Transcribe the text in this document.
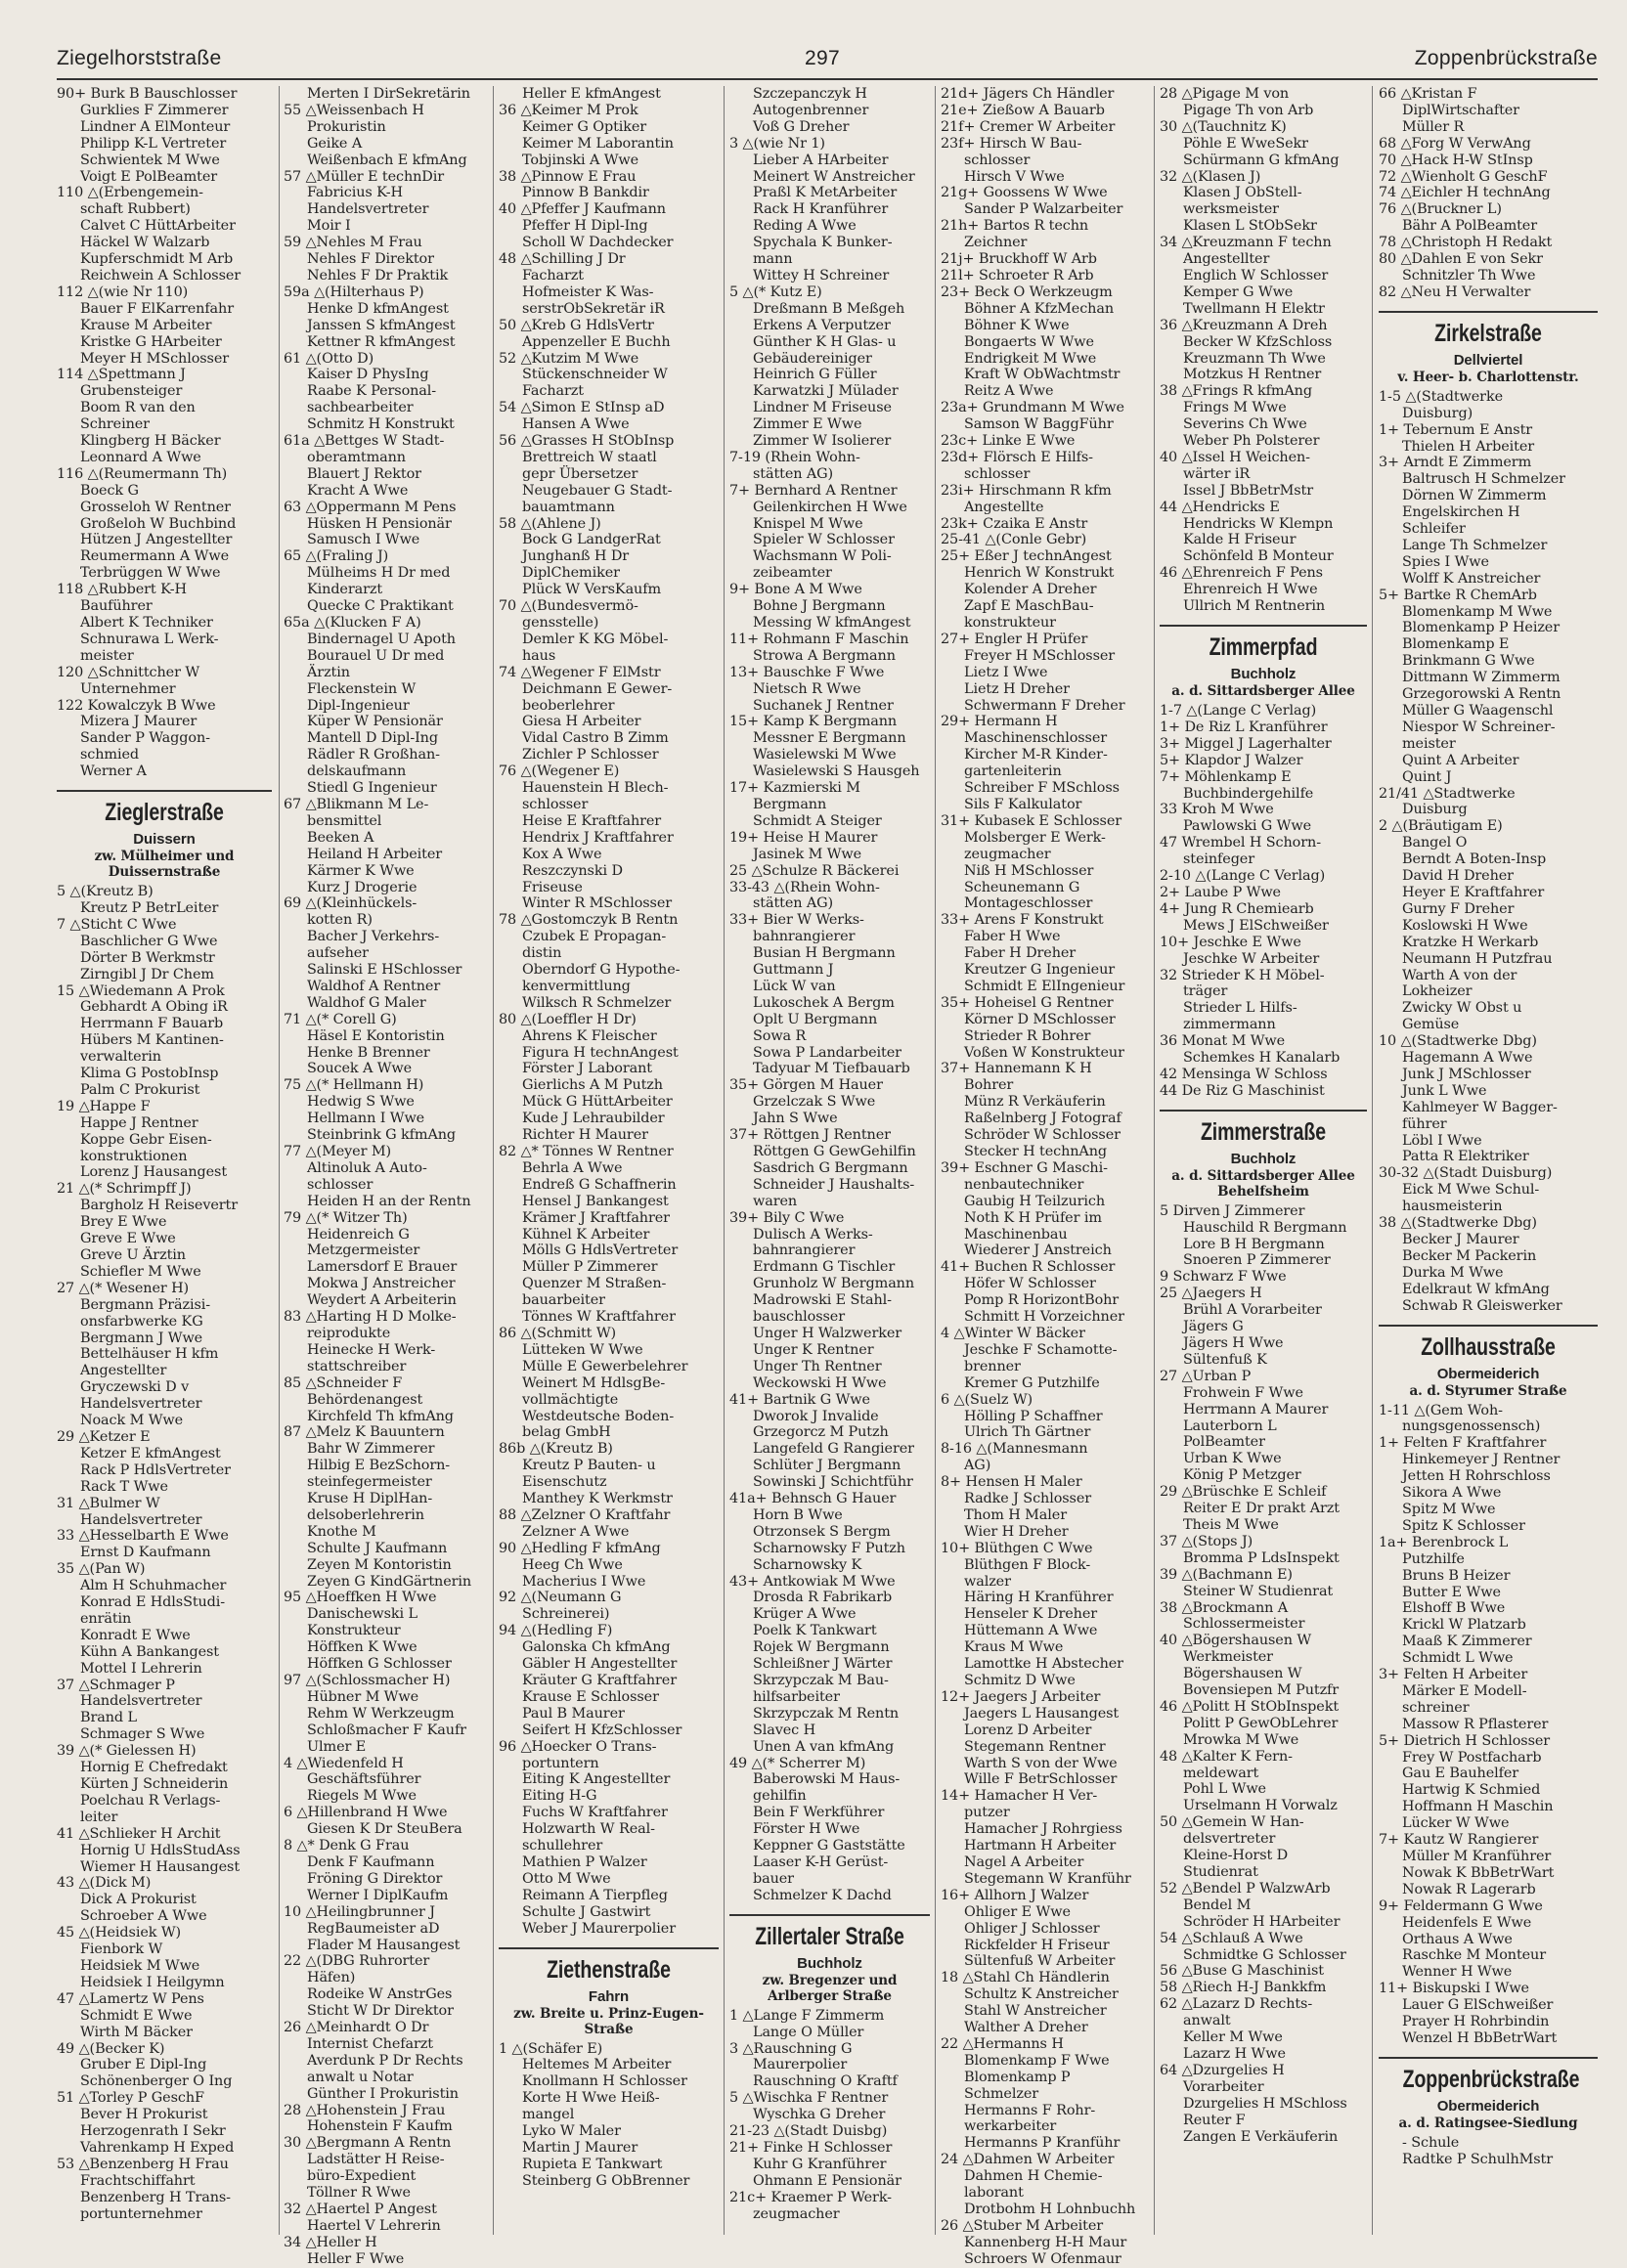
Ziegelhorststraße	297	Zoppenbrückstraße
90+ Burk B Bauschlosser
Gurklies F Zimmerer
Lindner A ElMonteur
Philipp K-L Vertreter
Schwientek M Wwe
Voigt E PolBeamter
110 △(Erbengemein-
schaft Rubbert)
Calvet C HüttArbeiter
Häckel W Walzarb
Kupferschmidt M Arb
Reichwein A Schlosser
112 △(wie Nr 110)
Bauer F ElKarrenfahr
Krause M Arbeiter
Kristke G HArbeiter
Meyer H MSchlosser
114 △Spettmann J
Grubensteiger
Boom R van den
Schreiner
Klingberg H Bäcker
Leonnard A Wwe
116 △(Reumermann Th)
Boeck G
Grosseloh W Rentner
Großeloh W Buchbind
Hützen J Angestellter
Reumermann A Wwe
Terbrüggen W Wwe
118 △Rubbert K-H
Bauführer
Albert K Techniker
Schnurawa L Werk-
meister
120 △Schnittcher W
Unternehmer
122 Kowalczyk B Wwe
Mizera J Maurer
Sander P Waggon-
schmied
Werner A
Zieglerstraße
Duissern
zw. Mülheimer und Duissernstraße
5 △(Kreutz B)
Kreutz P BetrLeiter
7 △Sticht C Wwe
Baschlicher G Wwe
Dörter B Werkmstr
Zirngibl J Dr Chem
15 △Wiedemann A Prok
Gebhardt A Obing iR
Herrmann F Bauarb
Hübers M Kantinen-
verwalterin
Klima G PostobInsp
Palm C Prokurist
19 △Happe F
Happe J Rentner
Koppe Gebr Eisen-
konstruktionen
Lorenz J Hausangest
21 △(* Schrimpff J)
Bargholz H Reisevertr
Brey E Wwe
Greve E Wwe
Greve U Ärztin
Schiefler M Wwe
27 △(* Wesener H)
Bergmann Präzisi-
onsfarbwerke KG
Bergmann J Wwe
Bettelhäuser H kfm
Angestellter
Gryczewski D v
Handelsvertreter
Noack M Wwe
29 △Ketzer E
Ketzer E kfmAngest
Rack P HdlsVertreter
Rack T Wwe
31 △Bulmer W
Handelsvertreter
33 △Hesselbarth E Wwe
Ernst D Kaufmann
35 △(Pan W)
Alm H Schuhmacher
Konrad E HdlsStudi-
enrätin
Konradt E Wwe
Kühn A Bankangest
Mottel I Lehrerin
37 △Schmager P
Handelsvertreter
Brand L
Schmager S Wwe
39 △(* Gielessen H)
Hornig E Chefredakt
Kürten J Schneiderin
Poelchau R Verlags-
leiter
41 △Schlieker H Archit
Hornig U HdlsStudAss
Wiemer H Hausangest
43 △(Dick M)
Dick A Prokurist
Schroeber A Wwe
45 △(Heidsiek W)
Fienbork W
Heidsiek M Wwe
Heidsiek I Heilgymn
47 △Lamertz W Pens
Schmidt E Wwe
Wirth M Bäcker
49 △(Becker K)
Gruber E Dipl-Ing
Schönenberger O Ing
51 △Torley P GeschF
Bever H Prokurist
Herzogenrath I Sekr
Vahrenkamp H Exped
53 △Benzenberg H Frau
Frachtschiffahrt
Benzenberg H Trans-
portunternehmer
Merten I DirSekretärin
55 △Weissenbach H
Prokuristin
Geike A
Weißenbach E kfmAng
57 △Müller E technDir
Fabricius K-H
Handelsvertreter
Moir I
59 △Nehles M Frau
Nehles F Direktor
Nehles F Dr Praktik
59a △(Hilterhaus P)
Henke D kfmAngest
Janssen S kfmAngest
Kettner R kfmAngest
61 △(Otto D)
Kaiser D PhysIng
Raabe K Personal-
sachbearbeiter
Schmitz H Konstrukt
61a △Bettges W Stadt-
oberamtmann
Blauert J Rektor
Kracht A Wwe
63 △Oppermann M Pens
Hüsken H Pensionär
Samusch I Wwe
65 △(Fraling J)
Mülheims H Dr med
Kinderarzt
Quecke C Praktikant
65a △(Klucken F A)
Bindernagel U Apoth
Bourauel U Dr med
Ärztin
Fleckenstein W
Dipl-Ingenieur
Küper W Pensionär
Mantell D Dipl-Ing
Rädler R Großhan-
delskaufmann
Stiedl G Ingenieur
67 △Blikmann M Le-
bensmittel
Beeken A
Heiland H Arbeiter
Kärmer K Wwe
Kurz J Drogerie
69 △(Kleinhückels-
kotten R)
Bacher J Verkehrs-
aufseher
Salinski E HSchlosser
Waldhof A Rentner
Waldhof G Maler
71 △(* Corell G)
Häsel E Kontoristin
Henke B Brenner
Soucek A Wwe
75 △(* Hellmann H)
Hedwig S Wwe
Hellmann I Wwe
Steinbrink G kfmAng
77 △(Meyer M)
Altinoluk A Auto-
schlosser
Heiden H an der Rentn
79 △(* Witzer Th)
Heidenreich G
Metzgermeister
Lamersdorf E Brauer
Mokwa J Anstreicher
Weydert A Arbeiterin
83 △Harting H D Molke-
reiprodukte
Heinecke H Werk-
stattschreiber
85 △Schneider F
Behördenangest
Kirchfeld Th kfmAng
87 △Melz K Bauuntern
Bahr W Zimmerer
Hilbig E BezSchorn-
steinfegermeister
Kruse H DiplHan-
delsoberlehrerin
Knothe M
Schulte J Kaufmann
Zeyen M Kontoristin
Zeyen G KindGärtnerin
95 △Hoeffken H Wwe
Danischewski L
Konstrukteur
Höffken K Wwe
Höffken G Schlosser
97 △(Schlossmacher H)
Hübner M Wwe
Rehm W Werkzeugm
Schloßmacher F Kaufr
Ulmer E
4 △Wiedenfeld H
Geschäftsführer
Riegels M Wwe
6 △Hillenbrand H Wwe
Giesen K Dr SteuBera
8 △* Denk G Frau
Denk F Kaufmann
Fröning G Direktor
Werner I DiplKaufm
10 △Heilingbrunner J
RegBaumeister aD
Flader M Hausangest
22 △(DBG Ruhrorter
Häfen)
Rodeike W AnstrGes
Sticht W Dr Direktor
26 △Meinhardt O Dr
Internist Chefarzt
Averdunk P Dr Rechts
anwalt u Notar
Günther I Prokuristin
28 △Hohenstein J Frau
Hohenstein F Kaufm
30 △Bergmann A Rentn
Ladstätter H Reise-
büro-Expedient
Töllner R Wwe
32 △Haertel P Angest
Haertel V Lehrerin
34 △Heller H
Heller F Wwe
Heller E kfmAngest
36 △Keimer M Prok
Keimer G Optiker
Keimer M Laborantin
Tobjinski A Wwe
38 △Pinnow E Frau
Pinnow B Bankdir
40 △Pfeffer J Kaufmann
Pfeffer H Dipl-Ing
Scholl W Dachdecker
48 △Schilling J Dr
Facharzt
Hofmeister K Was-
serstrObSekretär iR
50 △Kreb G HdlsVertr
Appenzeller E Buchh
52 △Kutzim M Wwe
Stückenschneider W
Facharzt
54 △Simon E StInsp aD
Hansen A Wwe
56 △Grasses H StObInsp
Brettreich W staatl
gepr Übersetzer
Neugebauer G Stadt-
bauamtmann
58 △(Ahlene J)
Bock G LandgerRat
Junghanß H Dr
DiplChemiker
Plück W VersKaufm
70 △(Bundesvermö-
gensstelle)
Demler K KG Möbel-
haus
74 △Wegener F ElMstr
Deichmann E Gewer-
beoberlehrer
Giesa H Arbeiter
Vidal Castro B Zimm
Zichler P Schlosser
76 △(Wegener E)
Hauenstein H Blech-
schlosser
Heise E Kraftfahrer
Hendrix J Kraftfahrer
Kox A Wwe
Reszczynski D
Friseuse
Winter R MSchlosser
78 △Gostomczyk B Rentn
Czubek E Propagan-
distin
Oberndorf G Hypothe-
kenvermittlung
Wilksch R Schmelzer
80 △(Loeffler H Dr)
Ahrens K Fleischer
Figura H technAngest
Förster J Laborant
Gierlichs A M Putzh
Mück G HüttArbeiter
Kude J Lehraubilder
Richter H Maurer
82 △* Tönnes W Rentner
Behrla A Wwe
Endreß G Schaffnerin
Hensel J Bankangest
Krämer J Kraftfahrer
Kühnel K Arbeiter
Mölls G HdlsVertreter
Müller P Zimmerer
Quenzer M Straßen-
bauarbeiter
Tönnes W Kraftfahrer
86 △(Schmitt W)
Lütteken W Wwe
Mülle E Gewerbelehrer
Weinert M HdlsgBe-
vollmächtigte
Westdeutsche Boden-
belag GmbH
86b △(Kreutz B)
Kreutz P Bauten- u
Eisenschutz
Manthey K Werkmstr
88 △Zelzner O Kraftfahr
Zelzner A Wwe
90 △Hedling F kfmAng
Heeg Ch Wwe
Macherius I Wwe
92 △(Neumann G
Schreinerei)
94 △(Hedling F)
Galonska Ch kfmAng
Gäbler H Angestellter
Kräuter G Kraftfahrer
Krause E Schlosser
Paul B Maurer
Seifert H KfzSchlosser
96 △Hoecker O Trans-
portuntern
Eiting K Angestellter
Eiting H-G
Fuchs W Kraftfahrer
Holzwarth W Real-
schullehrer
Mathien P Walzer
Otto M Wwe
Reimann A Tierpfleg
Schulte J Gastwirt
Weber J Maurerpolier
Ziethenstraße
Fahrn
zw. Breite u. Prinz-Eugen-Straße
1 △(Schäfer E)
Heltemes M Arbeiter
Knollmann H Schlosser
Korte H Wwe Heiß-
mangel
Lyko W Maler
Martin J Maurer
Rupieta E Tankwart
Steinberg G ObBrenner
Szczepanczyk H
Autogenbrenner
Voß G Dreher
3 △(wie Nr 1)
Lieber A HArbeiter
Meinert W Anstreicher
Praßl K MetArbeiter
Rack H Kranführer
Reding A Wwe
Spychala K Bunker-
mann
Wittey H Schreiner
5 △(* Kutz E)
Dreßmann B Meßgeh
Erkens A Verputzer
Günther K H Glas- u
Gebäudereiniger
Heinrich G Füller
Karwatzki J Mülader
Lindner M Friseuse
Zimmer E Wwe
Zimmer W Isolierer
7-19 (Rhein Wohn-
stätten AG)
7+ Bernhard A Rentner
Geilenkirchen H Wwe
Knispel M Wwe
Spieler W Schlosser
Wachsmann W Poli-
zeibeamter
9+ Bone A M Wwe
Bohne J Bergmann
Messing W kfmAngest
11+ Rohmann F Maschin
Strowa A Bergmann
13+ Bauschke F Wwe
Nietsch R Wwe
Suchanek J Rentner
15+ Kamp K Bergmann
Messner E Bergmann
Wasielewski M Wwe
Wasielewski S Hausgeh
17+ Kazmierski M
Bergmann
Schmidt A Steiger
19+ Heise H Maurer
Jasinek M Wwe
25 △Schulze R Bäckerei
33-43 △(Rhein Wohn-
stätten AG)
33+ Bier W Werks-
bahnrangierer
Busian H Bergmann
Guttmann J
Lück W van
Lukoschek A Bergm
Oplt U Bergmann
Sowa R
Sowa P Landarbeiter
Tadyuar M Tiefbauarb
35+ Görgen M Hauer
Grzelczak S Wwe
Jahn S Wwe
37+ Röttgen J Rentner
Röttgen G GewGehilfin
Sasdrich G Bergmann
Schneider J Haushalts-
waren
39+ Bily C Wwe
Dulisch A Werks-
bahnrangierer
Erdmann G Tischler
Grunholz W Bergmann
Madrowski E Stahl-
bauschlosser
Unger H Walzwerker
Unger K Rentner
Unger Th Rentner
Weckowski H Wwe
41+ Bartnik G Wwe
Dworok J Invalide
Grzegorcz M Putzh
Langefeld G Rangierer
Schlüter J Bergmann
Sowinski J Schichtführ
41a+ Behnsch G Hauer
Horn B Wwe
Otrzonsek S Bergm
Scharnowsky F Putzh
Scharnowsky K
43+ Antkowiak M Wwe
Drosda R Fabrikarb
Krüger A Wwe
Poelk K Tankwart
Rojek W Bergmann
Schleißner J Wärter
Skrzypczak M Bau-
hilfsarbeiter
Skrzypczak M Rentn
Slavec H
Unen A van kfmAng
49 △(* Scherrer M)
Baberowski M Haus-
gehilfin
Bein F Werkführer
Förster H Wwe
Keppner G Gaststätte
Laaser K-H Gerüst-
bauer
Schmelzer K Dachd
Zillertaler Straße
Buchholz
zw. Bregenzer und Arlberger Straße
1 △Lange F Zimmerm
Lange O Müller
3 △Rauschning G
Maurerpolier
Rauschning O Kraftf
5 △Wischka F Rentner
Wyschka G Dreher
21-23 △(Stadt Duisbg)
21+ Finke H Schlosser
Kuhr G Kranführer
Ohmann E Pensionär
21c+ Kraemer P Werk-
zeugmacher
21d+ Jägers Ch Händler
21e+ Zießow A Bauarb
21f+ Cremer W Arbeiter
23f+ Hirsch W Bau-
schlosser
Hirsch V Wwe
21g+ Goossens W Wwe
Sander P Walzarbeiter
21h+ Bartos R techn
Zeichner
21j+ Bruckhoff W Arb
21l+ Schroeter R Arb
23+ Beck O Werkzeugm
Böhner A KfzMechan
Böhner K Wwe
Bongaerts W Wwe
Endrigkeit M Wwe
Kraft W ObWachtmstr
Reitz A Wwe
23a+ Grundmann M Wwe
Samson W BaggFühr
23c+ Linke E Wwe
23d+ Flörsch E Hilfs-
schlosser
23i+ Hirschmann R kfm
Angestellte
23k+ Czaika E Anstr
25-41 △(Conle Gebr)
25+ Eßer J technAngest
Henrich W Konstrukt
Kolender A Dreher
Zapf E MaschBau-
konstrukteur
27+ Engler H Prüfer
Freyer H MSchlosser
Lietz I Wwe
Lietz H Dreher
Schwermann F Dreher
29+ Hermann H
Maschinenschlosser
Kircher M-R Kinder-
gartenleiterin
Schreiber F MSchloss
Sils F Kalkulator
31+ Kubasek E Schlosser
Molsberger E Werk-
zeugmacher
Niß H MSchlosser
Scheunemann G
Montageschlosser
33+ Arens F Konstrukt
Faber H Wwe
Faber H Dreher
Kreutzer G Ingenieur
Schmidt E ElIngenieur
35+ Hoheisel G Rentner
Körner D MSchlosser
Strieder R Bohrer
Voßen W Konstrukteur
37+ Hannemann K H
Bohrer
Münz R Verkäuferin
Raßelnberg J Fotograf
Schröder W Schlosser
Stecker H technAng
39+ Eschner G Maschi-
nenbautechniker
Gaubig H Teilzurich
Noth K H Prüfer im
Maschinenbau
Wiederer J Anstreich
41+ Buchen R Schlosser
Höfer W Schlosser
Pomp R HorizontBohr
Schmitt H Vorzeichner
4 △Winter W Bäcker
Jeschke F Schamotte-
brenner
Kremer G Putzhilfe
6 △(Suelz W)
Hölling P Schaffner
Ulrich Th Gärtner
8-16 △(Mannesmann
AG)
8+ Hensen H Maler
Radke J Schlosser
Thom H Maler
Wier H Dreher
10+ Blüthgen C Wwe
Blüthgen F Block-
walzer
Häring H Kranführer
Henseler K Dreher
Hüttemann A Wwe
Kraus M Wwe
Lamottke H Abstecher
Schmitz D Wwe
12+ Jaegers J Arbeiter
Jaegers L Hausangest
Lorenz D Arbeiter
Stegemann Rentner
Warth S von der Wwe
Wille F BetrSchlosser
14+ Hamacher H Ver-
putzer
Hamacher J Rohrgiess
Hartmann H Arbeiter
Nagel A Arbeiter
Stegemann W Kranführ
16+ Allhorn J Walzer
Ohliger E Wwe
Ohliger J Schlosser
Rickfelder H Friseur
Sültenfuß W Arbeiter
18 △Stahl Ch Händlerin
Schultz K Anstreicher
Stahl W Anstreicher
Walther A Dreher
22 △Hermanns H
Blomenkamp F Wwe
Blomenkamp P
Schmelzer
Hermanns F Rohr-
werkarbeiter
Hermanns P Kranführ
24 △Dahmen W Arbeiter
Dahmen H Chemie-
laborant
Drotbohm H Lohnbuchh
26 △Stuber M Arbeiter
Kannenberg H-H Maur
Schroers W Ofenmaur
28 △Pigage M von
Pigage Th von Arb
30 △(Tauchnitz K)
Pöhle E WweSekr
Schürmann G kfmAng
32 △(Klasen J)
Klasen J ObStell-
werksmeister
Klasen L StObSekr
34 △Kreuzmann F techn
Angestellter
Englich W Schlosser
Kemper G Wwe
Twellmann H Elektr
36 △Kreuzmann A Dreh
Becker W KfzSchloss
Kreuzmann Th Wwe
Motzkus H Rentner
38 △Frings R kfmAng
Frings M Wwe
Severins Ch Wwe
Weber Ph Polsterer
40 △Issel H Weichen-
wärter iR
Issel J BbBetrMstr
44 △Hendricks E
Hendricks W Klempn
Kalde H Friseur
Schönfeld B Monteur
46 △Ehrenreich F Pens
Ehrenreich H Wwe
Ullrich M Rentnerin
Zimmerpfad
Buchholz
a. d. Sittardsberger Allee
1-7 △(Lange C Verlag)
1+ De Riz L Kranführer
3+ Miggel J Lagerhalter
5+ Klapdor J Walzer
7+ Möhlenkamp E
Buchbindergehilfe
33 Kroh M Wwe
Pawlowski G Wwe
47 Wrembel H Schorn-
steinfeger
2-10 △(Lange C Verlag)
2+ Laube P Wwe
4+ Jung R Chemiearb
Mews J ElSchweißer
10+ Jeschke E Wwe
Jeschke W Arbeiter
32 Strieder K H Möbel-
träger
Strieder L Hilfs-
zimmermann
36 Monat M Wwe
Schemkes H Kanalarb
42 Mensinga W Schloss
44 De Riz G Maschinist
Zimmerstraße
Buchholz
a. d. Sittardsberger Allee Behelfsheim
5 Dirven J Zimmerer
Hauschild R Bergmann
Lore B H Bergmann
Snoeren P Zimmerer
9 Schwarz F Wwe
25 △Jaegers H
Brühl A Vorarbeiter
Jägers G
Jägers H Wwe
Sültenfuß K
27 △Urban P
Frohwein F Wwe
Herrmann A Maurer
Lauterborn L
PolBeamter
Urban K Wwe
König P Metzger
29 △Brüschke E Schleif
Reiter E Dr prakt Arzt
Theis M Wwe
37 △(Stops J)
Bromma P LdsInspekt
39 △(Bachmann E)
Steiner W Studienrat
38 △Brockmann A
Schlossermeister
40 △Bögershausen W
Werkmeister
Bögershausen W
Bovensiepen M Putzfr
46 △Politt H StObInspekt
Politt P GewObLehrer
Mrowka M Wwe
48 △Kalter K Fern-
meldewart
Pohl L Wwe
Urselmann H Vorwalz
50 △Gemein W Han-
delsvertreter
Kleine-Horst D
Studienrat
52 △Bendel P WalzwArb
Bendel M
Schröder H HArbeiter
54 △Schlauß A Wwe
Schmidtke G Schlosser
56 △Buse G Maschinist
58 △Riech H-J Bankkfm
62 △Lazarz D Rechts-
anwalt
Keller M Wwe
Lazarz H Wwe
64 △Dzurgelies H
Vorarbeiter
Dzurgelies H MSchloss
Reuter F
Zangen E Verkäuferin
66 △Kristan F
DiplWirtschafter
Müller R
68 △Forg W VerwAng
70 △Hack H-W StInsp
72 △Wienholt G GeschF
74 △Eichler H technAng
76 △(Bruckner L)
Bähr A PolBeamter
78 △Christoph H Redakt
80 △Dahlen E von Sekr
Schnitzler Th Wwe
82 △Neu H Verwalter
Zirkelstraße
Dellviertel
v. Heer- b. Charlottenstr.
1-5 △(Stadtwerke
Duisburg)
1+ Tebernum E Anstr
Thielen H Arbeiter
3+ Arndt E Zimmerm
Baltrusch H Schmelzer
Dörnen W Zimmerm
Engelskirchen H
Schleifer
Lange Th Schmelzer
Spies I Wwe
Wolff K Anstreicher
5+ Bartke R ChemArb
Blomenkamp M Wwe
Blomenkamp P Heizer
Blomenkamp E
Brinkmann G Wwe
Dittmann W Zimmerm
Grzegorowski A Rentn
Müller G Waagenschl
Niespor W Schreiner-
meister
Quint A Arbeiter
Quint J
21/41 △Stadtwerke
Duisburg
2 △(Bräutigam E)
Bangel O
Berndt A Boten-Insp
David H Dreher
Heyer E Kraftfahrer
Gurny F Dreher
Koslowski H Wwe
Kratzke H Werkarb
Neumann H Putzfrau
Warth A von der
Lokheizer
Zwicky W Obst u
Gemüse
10 △(Stadtwerke Dbg)
Hagemann A Wwe
Junk J MSchlosser
Junk L Wwe
Kahlmeyer W Bagger-
führer
Löbl I Wwe
Patta R Elektriker
30-32 △(Stadt Duisburg)
Eick M Wwe Schul-
hausmeisterin
38 △(Stadtwerke Dbg)
Becker J Maurer
Becker M Packerin
Durka M Wwe
Edelkraut W kfmAng
Schwab R Gleiswerker
Zollhausstraße
Obermeiderich
a. d. Styrumer Straße
1-11 △(Gem Woh-
nungsgenossensch)
1+ Felten F Kraftfahrer
Hinkemeyer J Rentner
Jetten H Rohrschloss
Sikora A Wwe
Spitz M Wwe
Spitz K Schlosser
1a+ Berenbrock L
Putzhilfe
Bruns B Heizer
Butter E Wwe
Elshoff B Wwe
Krickl W Platzarb
Maaß K Zimmerer
Schmidt L Wwe
3+ Felten H Arbeiter
Märker E Modell-
schreiner
Massow R Pflasterer
5+ Dietrich H Schlosser
Frey W Postfacharb
Gau E Bauhelfer
Hartwig K Schmied
Hoffmann H Maschin
Lücker W Wwe
7+ Kautz W Rangierer
Müller M Kranführer
Nowak K BbBetrWart
Nowak R Lagerarb
9+ Feldermann G Wwe
Heidenfels E Wwe
Orthaus A Wwe
Raschke M Monteur
Wenner H Wwe
11+ Biskupski I Wwe
Lauer G ElSchweißer
Prayer H Rohrbindin
Wenzel H BbBetrWart
Zoppenbrückstraße
Obermeiderich
a. d. Ratingsee-Siedlung
- Schule
Radtke P SchulhMstr
